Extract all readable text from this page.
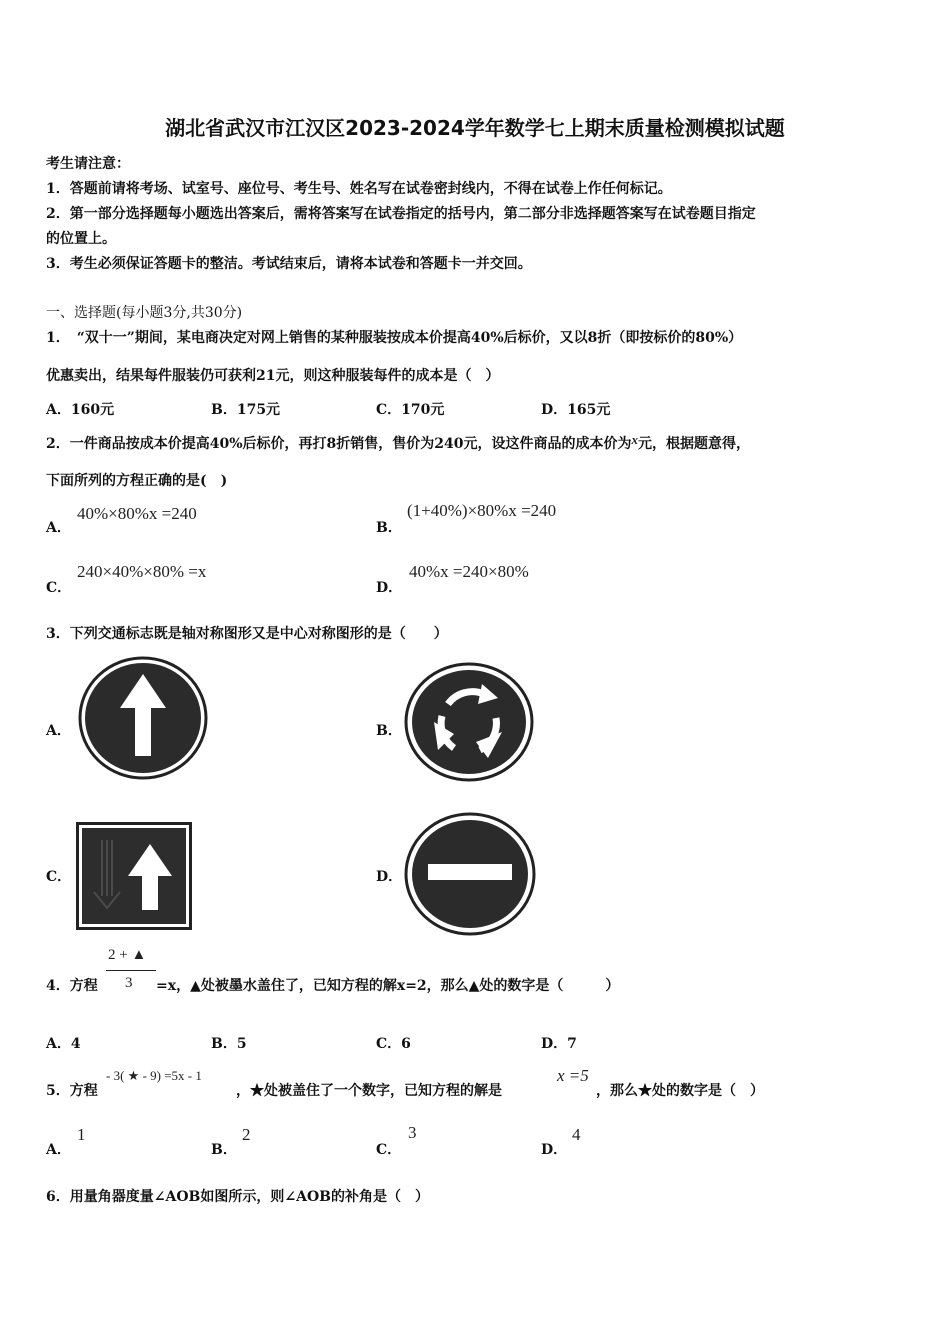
湖北省武汉市江汉区2023-2024学年数学七上期末质量检测模拟试题
考生请注意：
1．答题前请将考场、试室号、座位号、考生号、姓名写在试卷密封线内，不得在试卷上作任何标记。
2．第一部分选择题每小题选出答案后，需将答案写在试卷指定的括号内，第二部分非选择题答案写在试卷题目指定
的位置上。
3．考生必须保证答题卡的整洁。考试结束后，请将本试卷和答题卡一并交回。
一、选择题(每小题3分,共30分)
1．　“双十一”期间，某电商决定对网上销售的某种服装按成本价提高40%后标价，又以8折（即按标价的80%）
优惠卖出，结果每件服装仍可获利21元，则这种服装每件的成本是（　）
A．160元	B．175元	C．170元	D．165元
2．一件商品按成本价提高40%后标价，再打8折销售，售价为240元，设这件商品的成本价为x元，根据题意得，
下面所列的方程正确的是(　)
A．
40%×80%x =240
B．
(1+40%)×80%x =240
C．
240×40%×80% =x
D．
40%x =240×80%
3．下列交通标志既是轴对称图形又是中心对称图形的是（　　）
A．	B．
C．	D．
4．方程
2 + ▲
3 =x，▲处被墨水盖住了，已知方程的解x=2，那么▲处的数字是（　　　）
A．4	B．5	C．6	D．7
5．方程
- 3( ★ - 9) =5x - 1
，★处被盖住了一个数字，已知方程的解是
x =5
，那么★处的数字是（　）
A．
1
B．
2
C．
3
D．
4
6．用量角器度量∠AOB如图所示，则∠AOB的补角是（　）
